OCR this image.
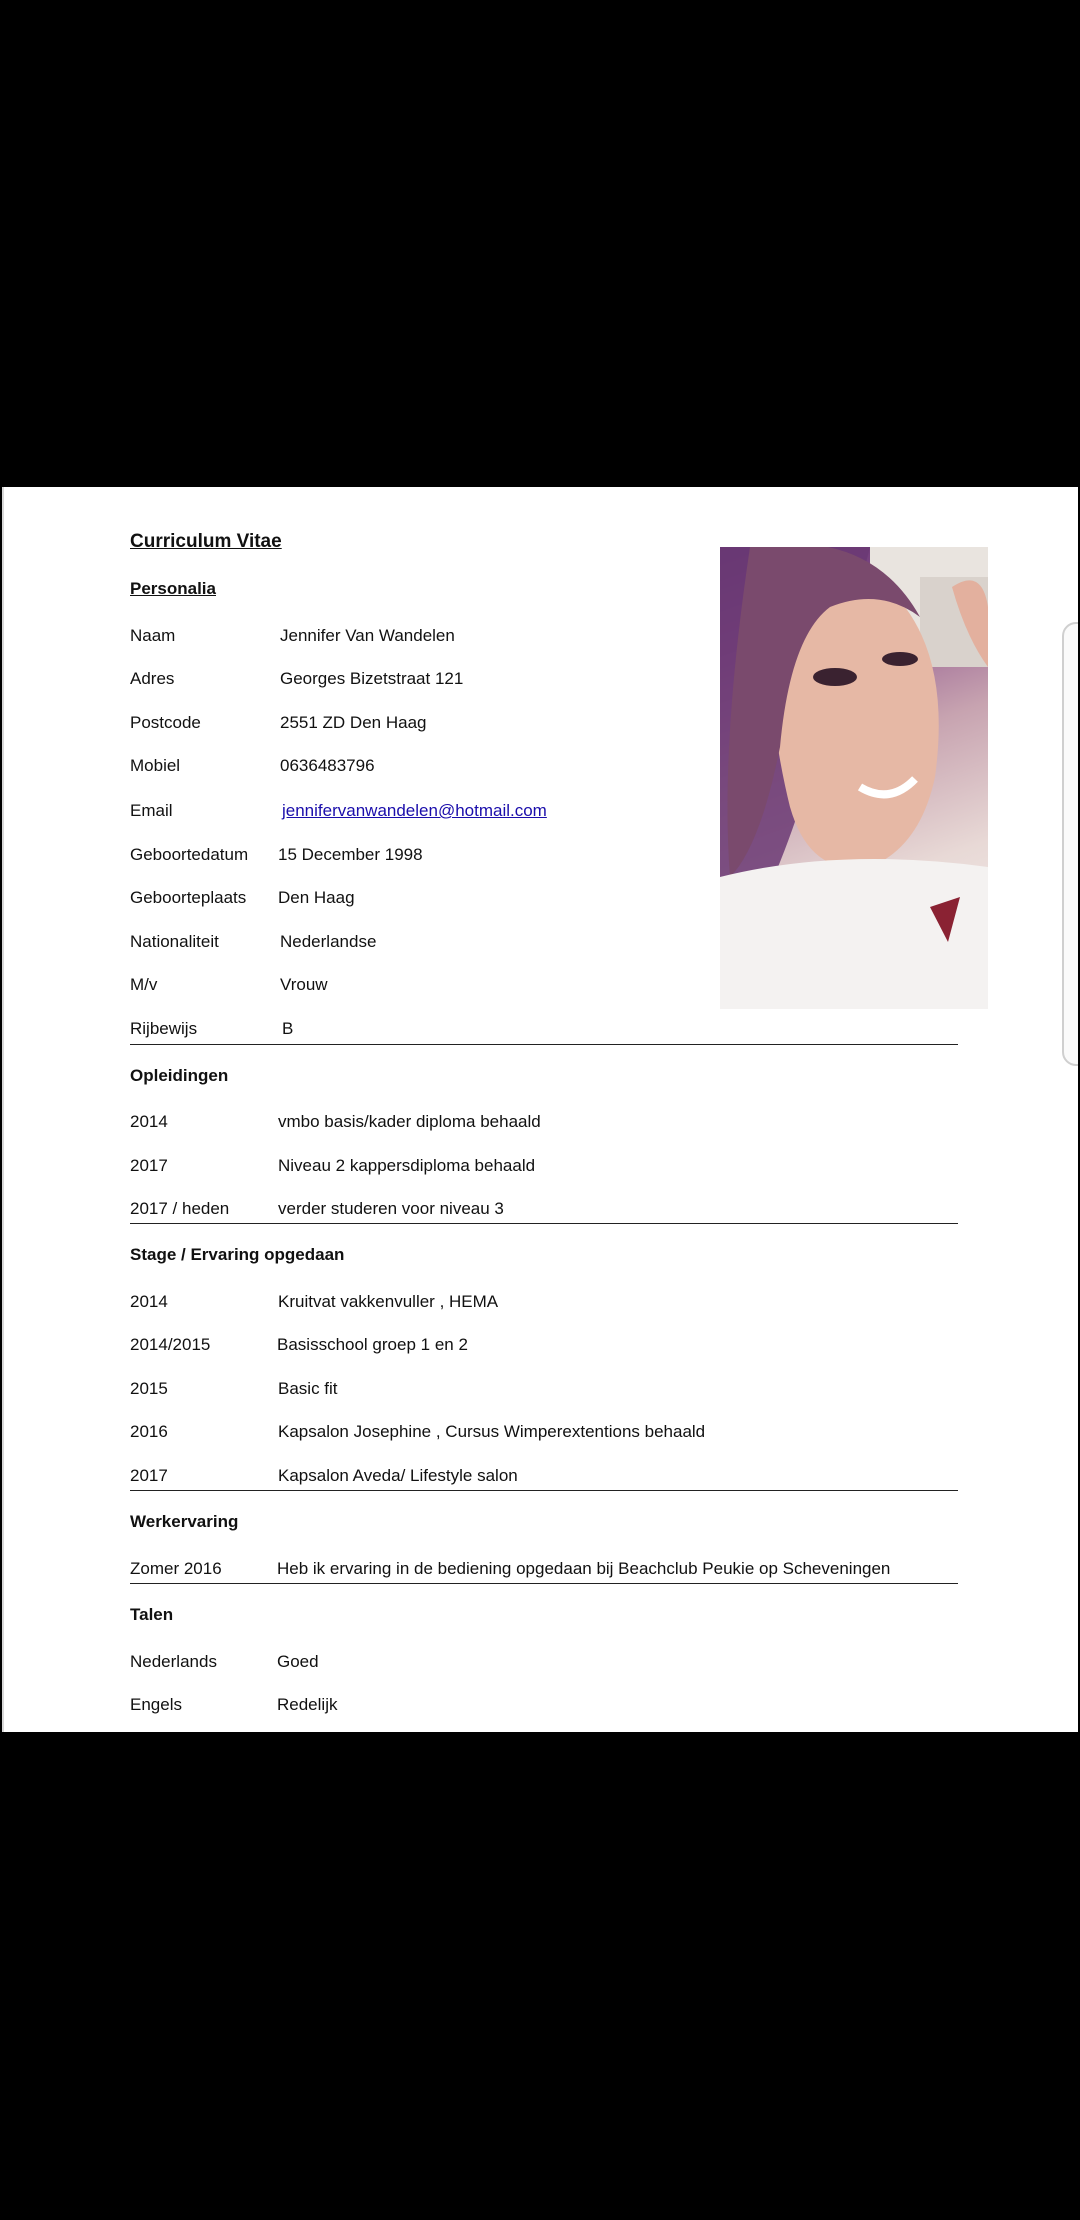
Curriculum Vitae
Personalia
Naam	Jennifer Van Wandelen
Adres	Georges Bizetstraat 121
Postcode	2551 ZD Den Haag
Mobiel	0636483796
Email	jennifervanwandelen@hotmail.com
Geboortedatum 15 December 1998
Geboorteplaats Den Haag
Nationaliteit	Nederlandse
M/v	Vrouw
Rijbewijs	B
Opleidingen
2014	vmbo basis/kader diploma behaald
2017	Niveau 2 kappersdiploma behaald
2017 / heden	verder studeren voor niveau 3
Stage / Ervaring opgedaan
2014	Kruitvat vakkenvuller , HEMA
2014/2015	Basisschool groep 1 en 2
2015	Basic fit
2016	Kapsalon Josephine , Cursus Wimperextentions behaald
2017	Kapsalon Aveda/ Lifestyle salon
Werkervaring
Zomer 2016	Heb ik ervaring in de bediening opgedaan bij Beachclub Peukie op Scheveningen
Talen
Nederlands	Goed
Engels	Redelijk
